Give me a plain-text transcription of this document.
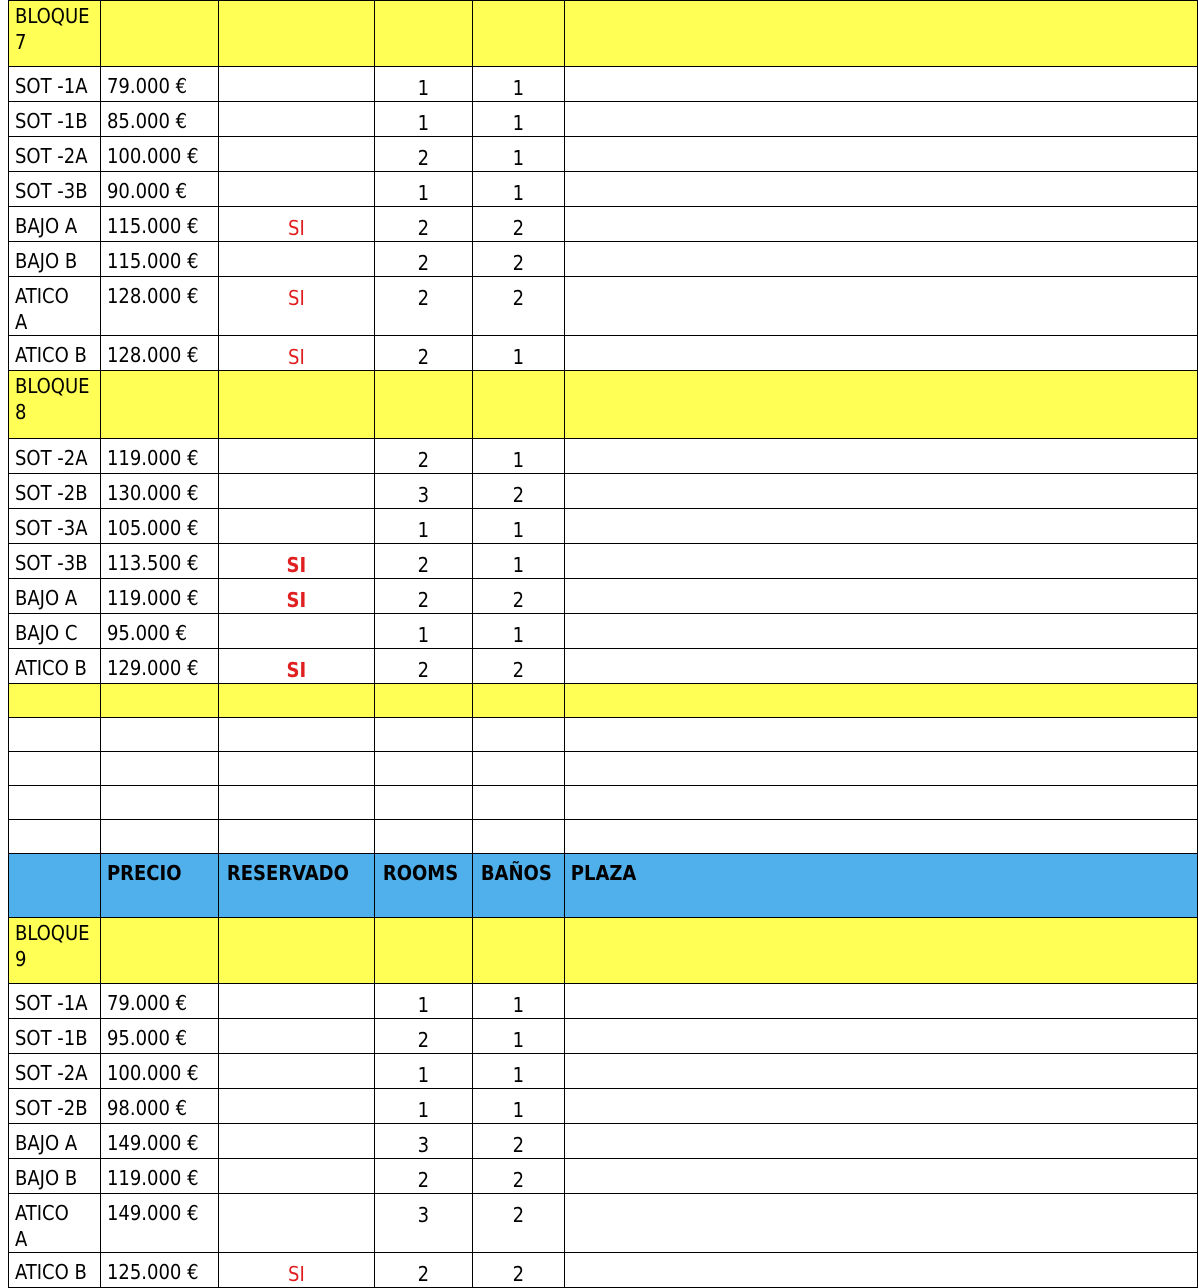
BLOQUE
7					
SOT -1A	79.000 €		1	1	
SOT -1B	85.000 €		1	1	
SOT -2A	100.000 €		2	1	
SOT -3B	90.000 €		1	1	
BAJO A	115.000 €	SI	2	2	
BAJO B	115.000 €		2	2	
ATICO A	128.000 €	SI	2	2	
ATICO B	128.000 €	SI	2	1	
BLOQUE
8					
SOT -2A	119.000 €		2	1	
SOT -2B	130.000 €		3	2	
SOT -3A	105.000 €		1	1	
SOT -3B	113.500 €	SI	2	1	
BAJO A	119.000 €	SI	2	2	
BAJO C	95.000 €		1	1	
ATICO B	129.000 €	SI	2	2	

	PRECIO	RESERVADO	ROOMS	BAÑOS	PLAZA
BLOQUE
9					
SOT -1A	79.000 €		1	1	
SOT -1B	95.000 €		2	1	
SOT -2A	100.000 €		1	1	
SOT -2B	98.000 €		1	1	
BAJO A	149.000 €		3	2	
BAJO B	119.000 €		2	2	
ATICO A	149.000 €		3	2	
ATICO B	125.000 €	SI	2	2	
